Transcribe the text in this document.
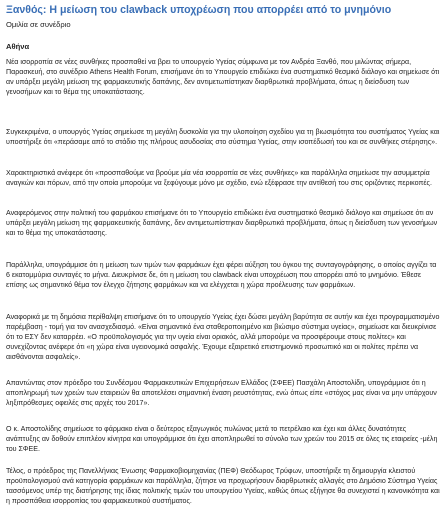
Ξανθός: Η μείωση του clawback υποχρέωση που απορρέει από το μνημόνιο
Ομιλία σε συνέδριο
Αθήνα

Νέα ισορροπία σε νέες συνθήκες προσπαθεί να βρει το υπουργείο Υγείας σύμφωνα με τον Ανδρέα Ξανθό, που μιλώντας σήμερα, Παρασκευή, στο συνέδριο Athens Health Forum, επισήμανε ότι το Υπουργείο επιδιώκει ένα συστηματικό θεσμικό διάλογο και σημείωσε ότι αν υπάρξει μεγάλη μείωση της φαρμακευτικής δαπάνης, δεν αντιμετωπίστηκαν διαρθρωτικά προβλήματα, όπως η διείσδυση των γενοσήμων και το θέμα της υποκατάστασης.

Συγκεκριμένα, ο υπουργός Υγείας σημείωσε τη μεγάλη δυσκολία για την υλοποίηση σχεδίου για τη βιωσιμότητα του συστήματος Υγείας και υποστήριξε ότι «περάσαμε από το στάδιο της πλήρους ασυδοσίας στο σύστημα Υγείας, στην ισοπέδωσή του και σε συνθήκες στέρησης».

Χαρακτηριστικά ανέφερε ότι «προσπαθούμε να βρούμε μία νέα ισορροπία σε νέες συνθήκες» και παράλληλα σημείωσε την ασυμμετρία αναγκών και πόρων, από την οποία μπορούμε να ξεφύγουμε μόνο με σχέδιο, ενώ εξέφρασε την αντίθεσή του στις οριζόντιες περικοπές.

Αναφερόμενος στην πολιτική του φαρμάκου επισήμανε ότι το Υπουργείο επιδιώκει ένα συστηματικό θεσμικό διάλογο και σημείωσε ότι αν υπάρξει μεγάλη μείωση της φαρμακευτικής δαπάνης, δεν αντιμετωπίστηκαν διαρθρωτικά προβλήματα, όπως η διείσδυση των γενοσήμων και το θέμα της υποκατάστασης.

Παράλληλα, υπογράμμισε ότι η μείωση των τιμών των φαρμάκων έχει φέρει αύξηση του όγκου της συνταγογράφησης, ο οποίος αγγίζει τα 6 εκατομμύρια συνταγές το μήνα. Διευκρίνισε δε, ότι η μείωση του clawback είναι υποχρέωση που απορρέει από το μνημόνιο. Έθεσε επίσης ως σημαντικό θέμα τον έλεγχο ζήτησης φαρμάκων και να ελέγχεται η χώρα προέλευσης των φαρμάκων.

Αναφορικά με τη δημόσια περίθαλψη επισήμανε ότι το υπουργείο Υγείας έχει δώσει μεγάλη βαρύτητα σε αυτήν και έχει προγραμματισμένο παρέμβαση - τομή για τον ανασχεδιασμό. «Είναι σημαντικό ένα σταθεροποιημένο και βιώσιμο σύστημα υγείας», σημείωσε και διευκρίνισε ότι το ΕΣΥ δεν καταρρέει. «Ο προϋπολογισμός για την υγεία είναι οριακός, αλλά μπορούμε να προσφέρουμε στους πολίτες» και συνεχίζοντας ανέφερε ότι «η χώρα είναι υγειονομικά ασφαλής. Έχουμε εξαιρετικό επιστημονικό προσωπικό και οι πολίτες πρέπει να αισθάνονται ασφαλείς».

Απαντώντας στον πρόεδρο του Συνδέσμου Φαρμακευτικών Επιχειρήσεων Ελλάδος (ΣΦΕΕ) Πασχάλη Αποστολίδη, υπογράμμισε ότι η αποπληρωμή των χρεών των εταιρειών θα αποτελέσει σημαντική έναση ρευστότητας, ενώ όπως είπε «στόχος μας είναι να μην υπάρχουν ληξιπρόθεσμες οφειλές στις αρχές του 2017».

Ο κ. Αποστολίδης σημείωσε το φάρμακο είναι ο δεύτερος εξαγωγικός πυλώνας μετά το πετρέλαιο και έχει και άλλες δυνατότητες ανάπτυξης αν δοθούν επιπλέον κίνητρα και υπογράμμισε ότι έχει αποπληρωθεί το σύνολο των χρεών του 2015 σε όλες τις εταιρείες -μέλη του ΣΦΕΕ.

Τέλος, ο πρόεδρος της Πανελλήνιας Ένωσης Φαρμακοβιομηχανίας (ΠΕΦ) Θεόδωρος Τρύφων, υποστήριξε τη δημιουργία κλειστού προϋπολογισμού ανά κατηγορία φαρμάκων και παράλληλα, ζήτησε να προχωρήσουν διαρθρωτικές αλλαγές στο Δημόσιο Σύστημα Υγείας τασσόμενος υπέρ της διατήρησης της ίδιας πολιτικής τιμών του υπουργείου Υγείας, καθώς όπως εξήγησε θα συνεχιστεί η κανονικότητα και η προσπάθεια ισορροπίας του φαρμακευτικού συστήματος.
